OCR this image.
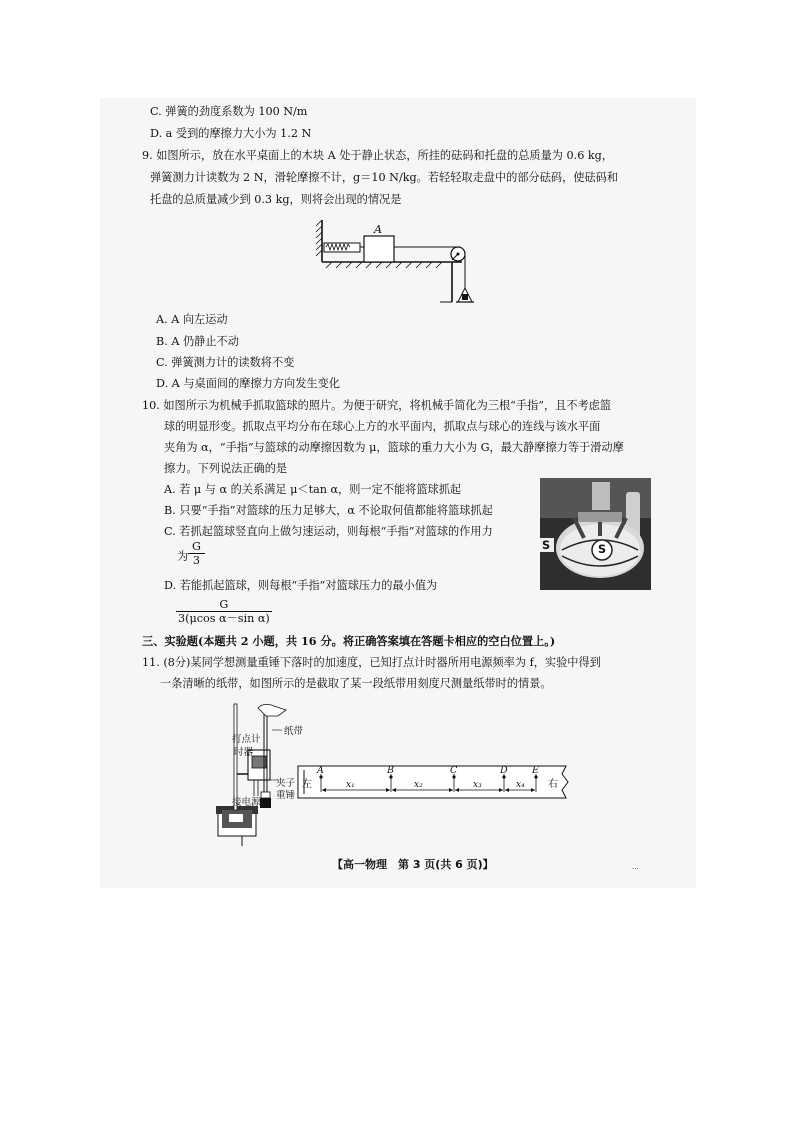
C. 弹簧的劲度系数为 100 N/m
D. a 受到的摩擦力大小为 1.2 N
9. 如图所示，放在水平桌面上的木块 A 处于静止状态，所挂的砝码和托盘的总质量为 0.6 kg，
弹簧测力计读数为 2 N，滑轮摩擦不计，g＝10 N/kg。若轻轻取走盘中的部分砝码，使砝码和
托盘的总质量减少到 0.3 kg，则将会出现的情况是
A
A. A 向左运动
B. A 仍静止不动
C. 弹簧测力计的读数将不变
D. A 与桌面间的摩擦力方向发生变化
10. 如图所示为机械手抓取篮球的照片。为便于研究，将机械手简化为三根“手指”，且不考虑篮
球的明显形变。抓取点平均分布在球心上方的水平面内，抓取点与球心的连线与该水平面
夹角为 α，“手指”与篮球的动摩擦因数为 μ，篮球的重力大小为 G，最大静摩擦力等于滑动摩
擦力。下列说法正确的是
A. 若 μ 与 α 的关系满足 μ＜tan α，则一定不能将篮球抓起
B. 只要“手指”对篮球的压力足够大，α 不论取何值都能将篮球抓起
C. 若抓起篮球竖直向上做匀速运动，则每根“手指”对篮球的作用力
为 $\frac{G}{3}$
D. 若能抓起篮球，则每根“手指”对篮球压力的最小值为
$\frac{G}{\text{3(μcos α－sin α)}}$
S
S
三、实验题(本题共 2 小题，共 16 分。将正确答案填在答题卡相应的空白位置上。)
11. (8分)某同学想测量重锤下落时的加速度，已知打点计时器所用电源频率为 f，实验中得到
一条清晰的纸带，如图所示的是截取了某一段纸带用刻度尺测量纸带时的情景。
纸带
打点计
时器
夹子
重锤
接电源
左	右
A	B	C	D	E
x₁	x₂	x₃	x₄
【高一物理　第 3 页(共 6 页)】	···
